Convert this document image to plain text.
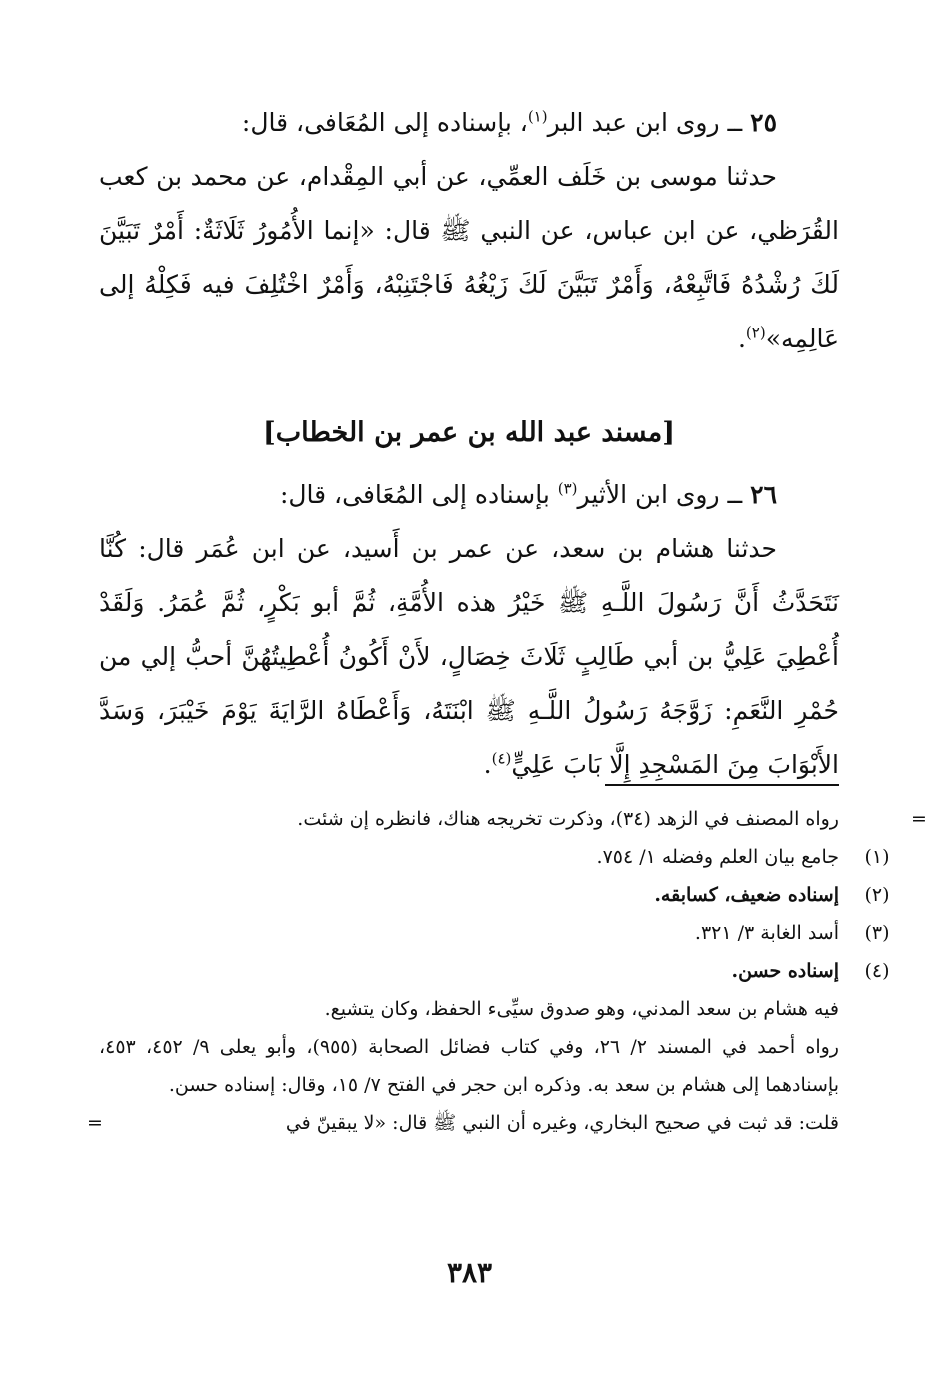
٢٥ ــ روى ابن عبد البر$^{(١)}$، بإسناده إلى المُعَافى، قال:

حدثنا موسى بن خَلَف العمِّي، عن أبي المِقْدام، عن محمد بن كعب القُرَظي، عن ابن عباس، عن النبي ﷺ قال: «إنما الأُمُورُ ثَلَاثَةٌ: أَمْرٌ تَبَيَّنَ لَكَ رُشْدُهُ فَاتَّبِعْهُ، وَأَمْرٌ تَبَيَّنَ لَكَ زَيْغُهُ فَاجْتَنِبْهُ، وَأَمْرٌ اخْتُلِفَ فيه فَكِلْهُ إلى عَالِمِه»$^{(٢)}$.

[مسند عبد الله بن عمر بن الخطاب]

٢٦ ــ روى ابن الأثير$^{(٣)}$ بإسناده إلى المُعَافى، قال:

حدثنا هشام بن سعد، عن عمر بن أَسيد، عن ابن عُمَر قال: كُنَّا نَتَحَدَّثُ أَنَّ رَسُولَ اللَّـهِ ﷺ خَيْرُ هذه الأُمَّةِ، ثُمَّ أبو بَكْرٍ، ثُمَّ عُمَرُ. وَلَقَدْ أُعْطِيَ عَلِيُّ بن أبي طَالِبٍ ثَلَاثَ خِصَالٍ، لأَنْ أَكُونُ أُعْطِيتُهُنَّ أحبُّ إلي من حُمْرِ النَّعَمِ: زَوَّجَهُ رَسُولُ اللَّـهِ ﷺ ابْنَتَهُ، وَأَعْطَاهُ الرَّايَةَ يَوْمَ خَيْبَرَ، وَسَدَّ الأَبْوَابَ مِنَ المَسْجِدِ إِلَّا بَابَ عَلِيٍّ$^{(٤)}$.

=
رواه المصنف في الزهد (٣٤)، وذكرت تخريجه هناك، فانظره إن شئت.
(١)
جامع بيان العلم وفضله ١/ ٧٥٤.
(٢)
إسناده ضعيف، كسابقه.
(٣)
أسد الغابة ٣/ ٣٢١.
(٤)
إسناده حسن.
فيه هشام بن سعد المدني، وهو صدوق سيِّىء الحفظ، وكان يتشيع.
رواه أحمد في المسند ٢/ ٢٦، وفي كتاب فضائل الصحابة (٩٥٥)، وأبو يعلى ٩/ ٤٥٢، ٤٥٣، بإسنادهما إلى هشام بن سعد به. وذكره ابن حجر في الفتح ٧/ ١٥، وقال: إسناده حسن.
قلت: قد ثبت في صحيح البخاري، وغيره أن النبي ﷺ قال: «لا يبقينّ في
=
٣٨٣
